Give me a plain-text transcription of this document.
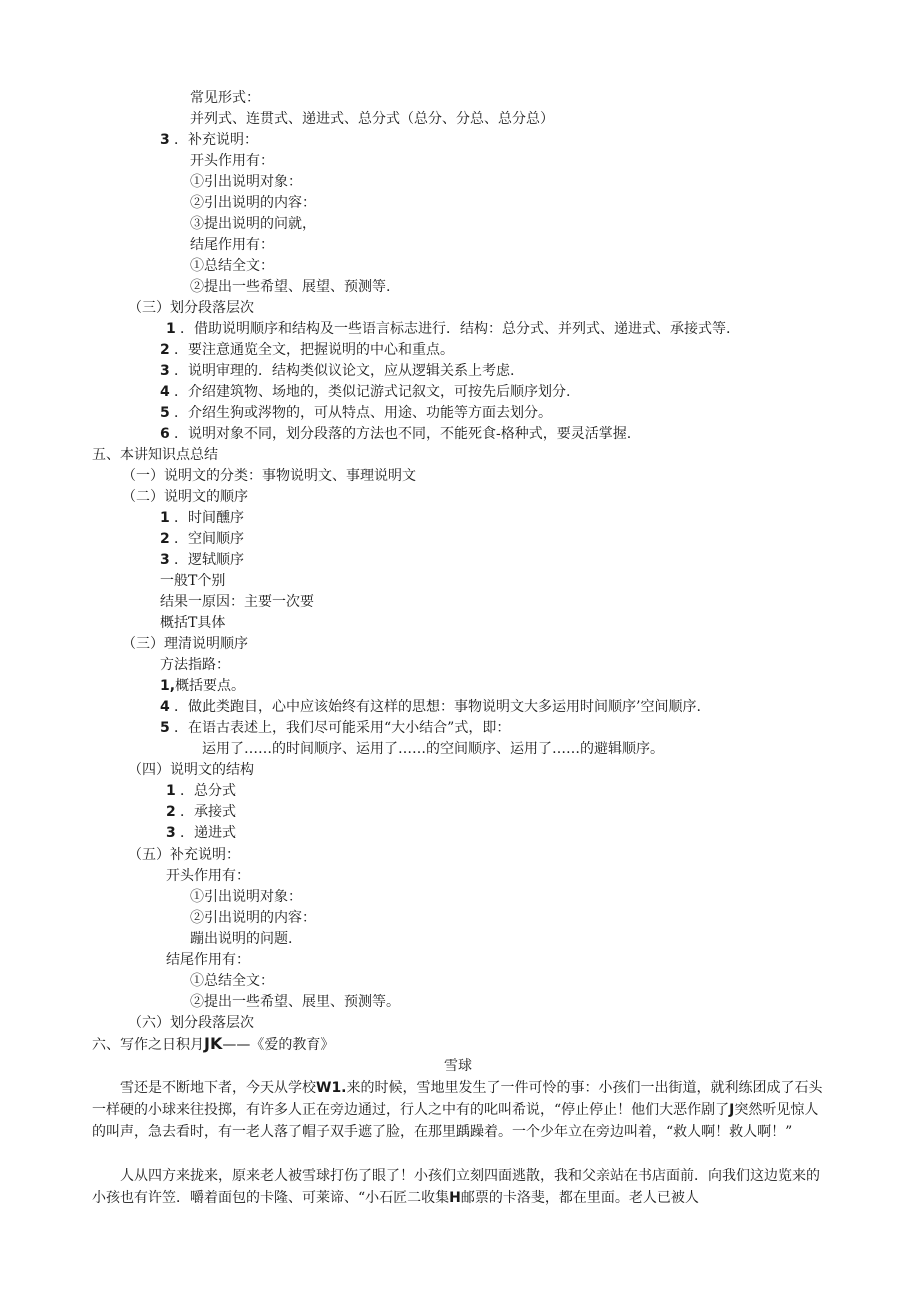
常见形式：
并列式、连贯式、递进式、总分式（总分、分总、总分总）
3 ．补充说明：
开头作用有：
①引出说明对象：
②引出说明的内容：
③提出说明的问就，
结尾作用有：
①总结全文：
②提出一些希望、展望、预测等.
（三）划分段落层次
1 ．借助说明顺序和结构及一些语言标志进行．结构：总分式、并列式、递进式、承接式等.
2 ．要注意通览全文，把握说明的中心和重点。
3 ．说明审理的．结构类似议论文，应从逻辑关系上考虑.
4 ．介绍建筑物、场地的，类似记游式记叙文，可按先后顺序划分.
5 ．介绍生狗或涔物的，可从特点、用途、功能等方面去划分。
6 ．说明对象不同，划分段落的方法也不同，不能死食-格种式，要灵活掌握.
五、本讲知识点总结
（一）说明文的分类：事物说明文、事理说明文
（二）说明文的顺序
1 ．时间醺序
2 ．空间顺序
3 ．逻轼顺序
一般T个别
结果一原因：主要一次要
概括T具体
（三）理清说明顺序
方法指路：
1,概括要点。
4 ．做此类跑目，心中应该始终有这样的思想：事物说明文大多运用时间顺序’空间顺序.
5 ．在语古表述上，我们尽可能采用“大小结合”式，即：
运用了……的时间顺序、运用了……的空间顺序、运用了……的避辑顺序。
（四）说明文的结构
1 ．总分式
2 ．承接式
3 ．递进式
（五）补充说明：
开头作用有：
①引出说明对象：
②引出说明的内容：
蹦出说明的问题.
结尾作用有：
①总结全文：
②提出一些希望、展里、预测等。
（六）划分段落层次
六、写作之日积月JK——《爱的教育》
雪球
雪还是不断地下者，今天从学校W1.来的时候，雪地里发生了一件可怜的事：小孩们一出街道，就利练团成了石头一样硬的小球来往投掷，有许多人正在旁边通过，行人之中有的叱叫希说，“停止停止！他们大恶作剧了J突然听见惊人的叫声，急去看时，有一老人落了帽子双手遮了脸，在那里踽躁着。一个少年立在旁边叫着，“救人啊！救人啊！”
人从四方来拢来，原来老人被雪球打伤了眼了！小孩们立刻四面逃散，我和父亲站在书店面前．向我们这边览来的小孩也有许笠．嚼着面包的卡隆、可莱谛、“小石匠二收集H邮票的卡洛斐，都在里面。老人已被人
